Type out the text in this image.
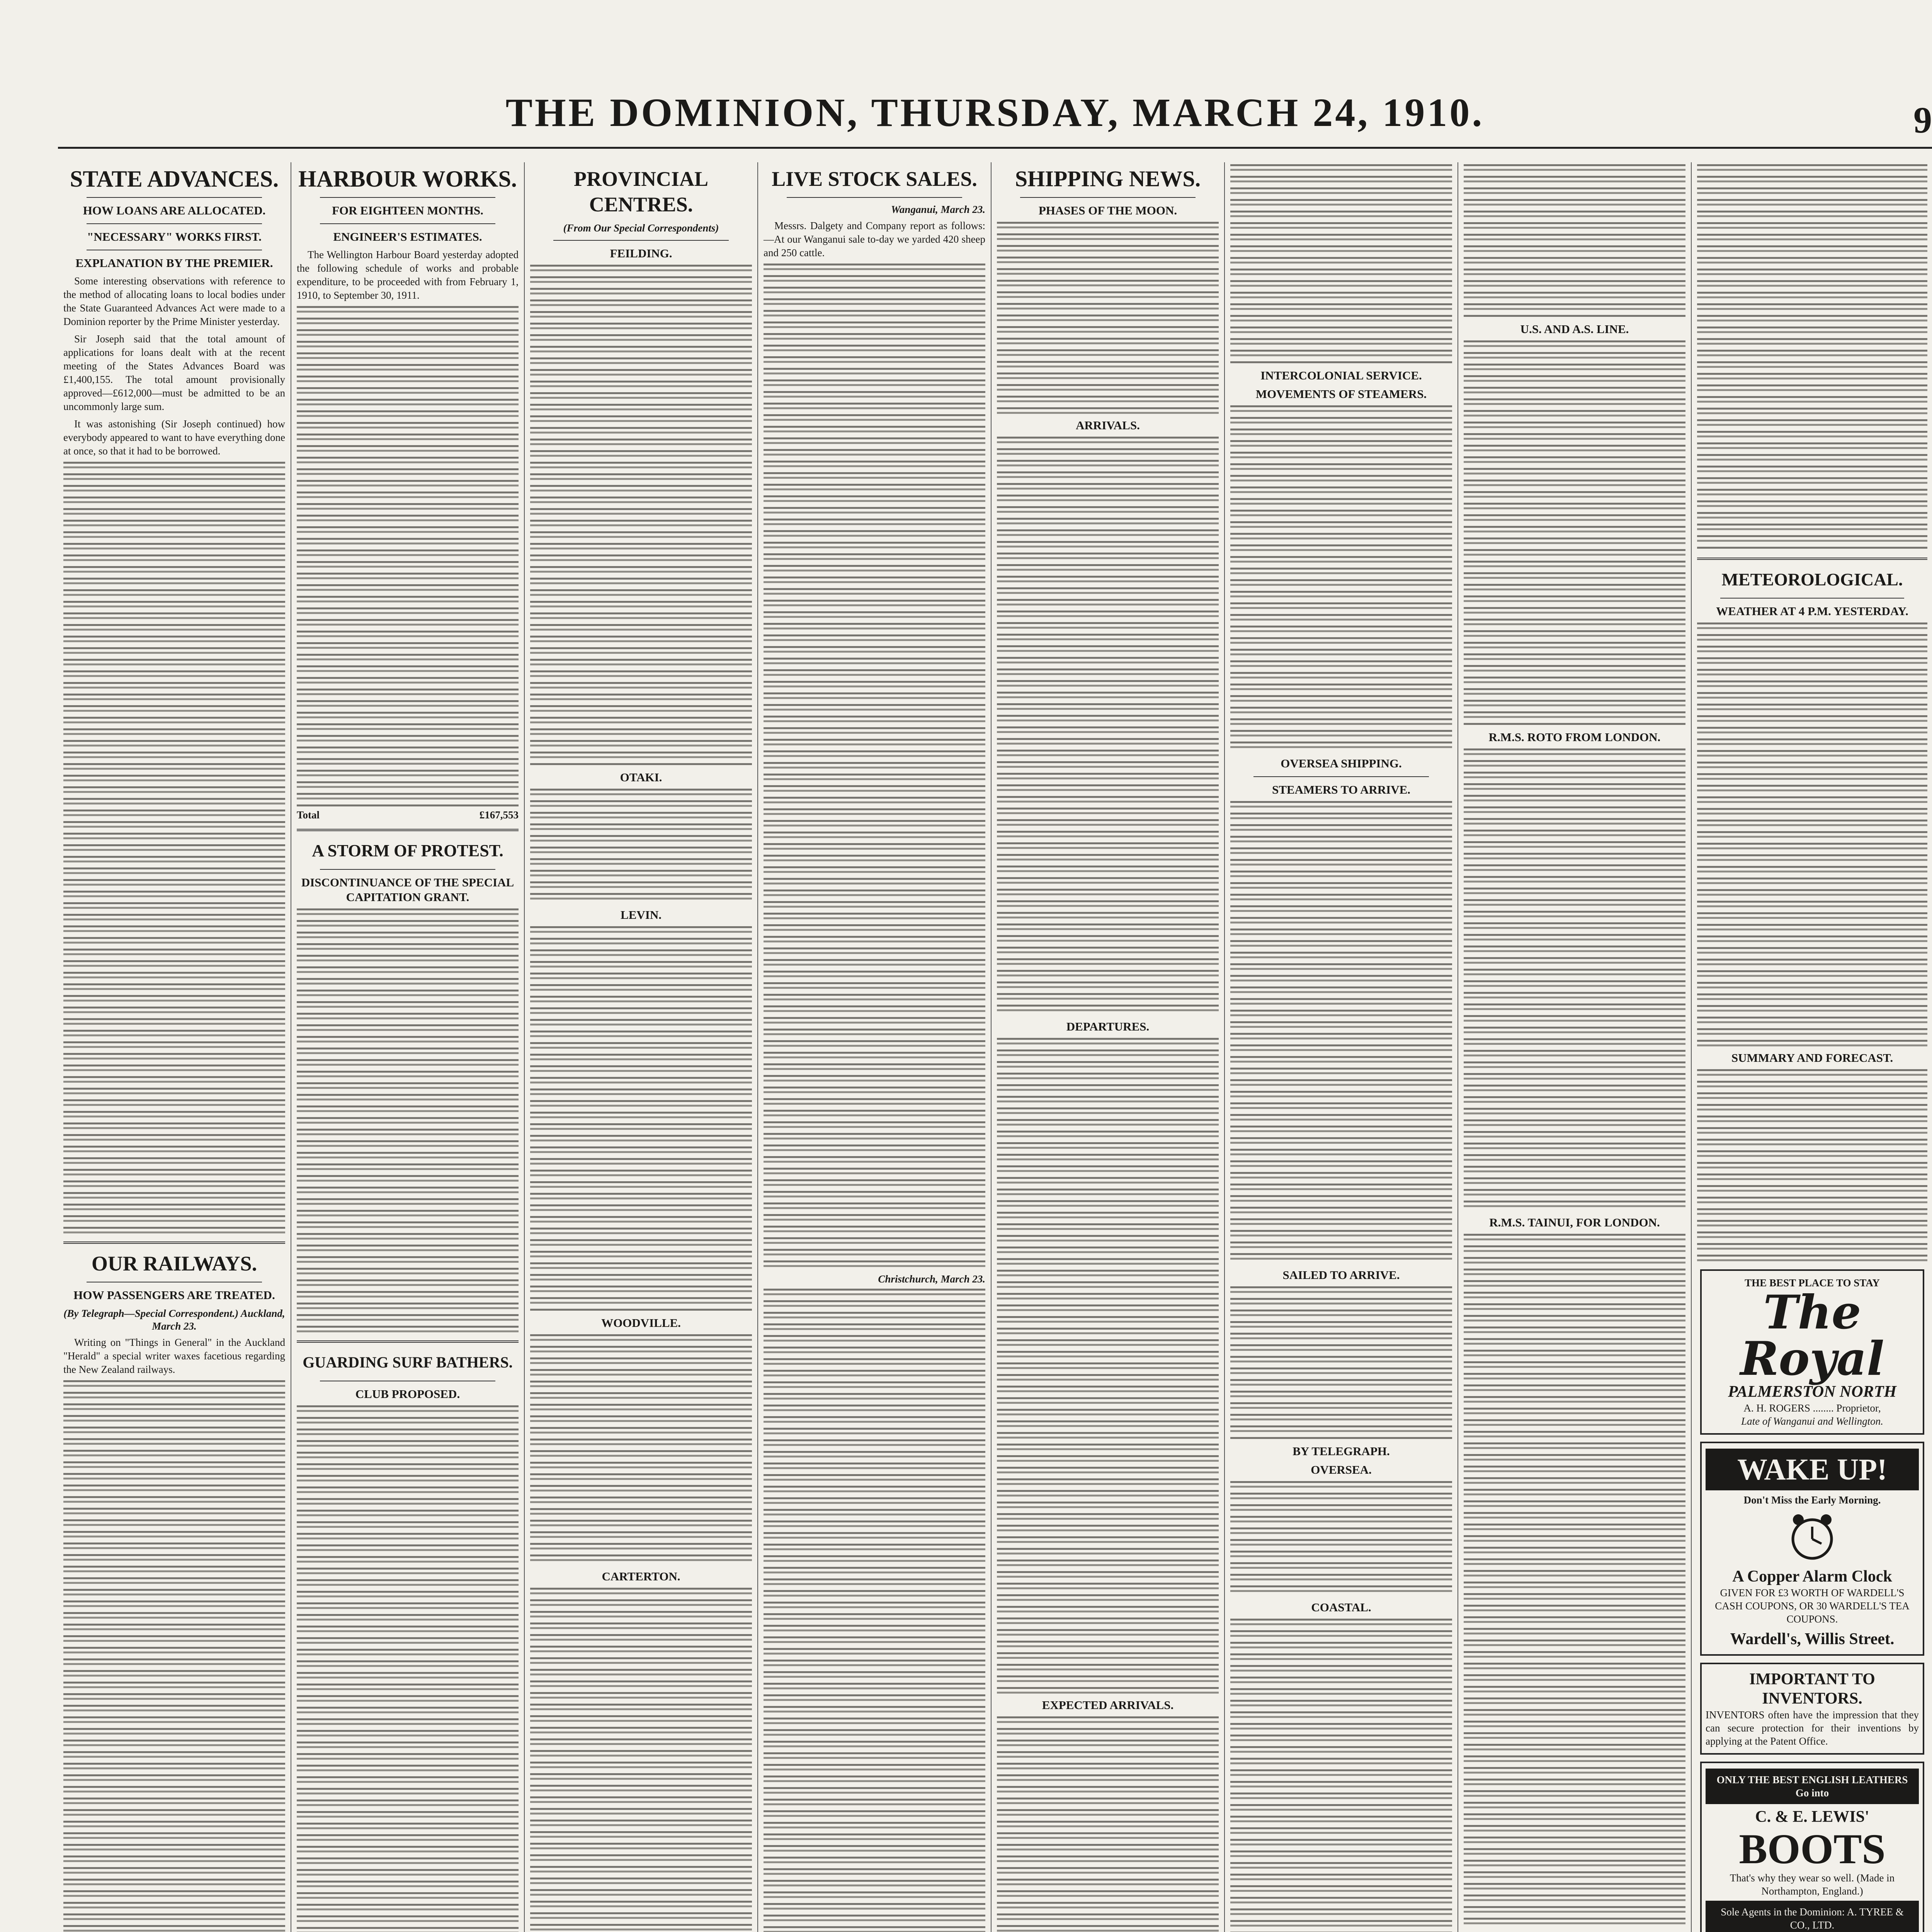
THE DOMINION, THURSDAY, MARCH 24, 1910.	9
STATE ADVANCES.
HOW LOANS ARE ALLOCATED.
"NECESSARY" WORKS FIRST.
EXPLANATION BY THE PREMIER.

Some interesting observations with reference to the method of allocating loans to local bodies under the State Guaranteed Advances Act were made to a Dominion reporter by the Prime Minister yesterday.

Sir Joseph said that the total amount of applications for loans dealt with at the recent meeting of the States Advances Board was £1,400,155. The total amount provisionally approved—£612,000—must be admitted to be an uncommonly large sum.

It was astonishing (Sir Joseph continued) how everybody appeared to want to have everything done at once, so that it had to be borrowed.

OUR RAILWAYS.
HOW PASSENGERS ARE TREATED.
(By Telegraph—Special Correspondent.) Auckland, March 23.

Writing on "Things in General" in the Auckland "Herald" a special writer waxes facetious regarding the New Zealand railways.

HARBOUR WORKS.
FOR EIGHTEEN MONTHS.
ENGINEER'S ESTIMATES.

The Wellington Harbour Board yesterday adopted the following schedule of works and probable expenditure, to be proceeded with from February 1, 1910, to September 30, 1911.

Total	£167,553
A STORM OF PROTEST.
DISCONTINUANCE OF THE SPECIAL CAPITATION GRANT.
GUARDING SURF BATHERS.
CLUB PROPOSED.
PROVINCIAL CENTRES.
(From Our Special Correspondents)
FEILDING.
OTAKI.
LEVIN.
WOODVILLE.
CARTERTON.
LIVE STOCK SALES.
Wanganui, March 23.

Messrs. Dalgety and Company report as follows:—At our Wanganui sale to-day we yarded 420 sheep and 250 cattle.

Christchurch, March 23.
SHIPPING NEWS.
PHASES OF THE MOON.
ARRIVALS.
DEPARTURES.
EXPECTED ARRIVALS.
INTERCOLONIAL SERVICE.
MOVEMENTS OF STEAMERS.
OVERSEA SHIPPING.
STEAMERS TO ARRIVE.
SAILED TO ARRIVE.
BY TELEGRAPH.
OVERSEA.
COASTAL.
U.S. AND A.S. LINE.
R.M.S. ROTO FROM LONDON.
R.M.S. TAINUI, FOR LONDON.

METEOROLOGICAL.
WEATHER AT 4 P.M. YESTERDAY.
SUMMARY AND FORECAST.
THE BEST PLACE TO STAY
The Royal
PALMERSTON NORTH
A. H. ROGERS ........ Proprietor,
Late of Wanganui and Wellington.
WAKE UP!
Don't Miss the Early Morning.
A Copper Alarm Clock
GIVEN FOR £3 WORTH OF WARDELL'S CASH COUPONS, OR 30 WARDELL'S TEA COUPONS.
Wardell's, Willis Street.
IMPORTANT TO INVENTORS.
INVENTORS often have the impression that they can secure protection for their inventions by applying at the Patent Office.
ONLY THE BEST ENGLISH LEATHERS Go into
C. & E. LEWIS'
BOOTS
That's why they wear so well. (Made in Northampton, England.)
Sole Agents in the Dominion: A. TYREE & CO., LTD.
